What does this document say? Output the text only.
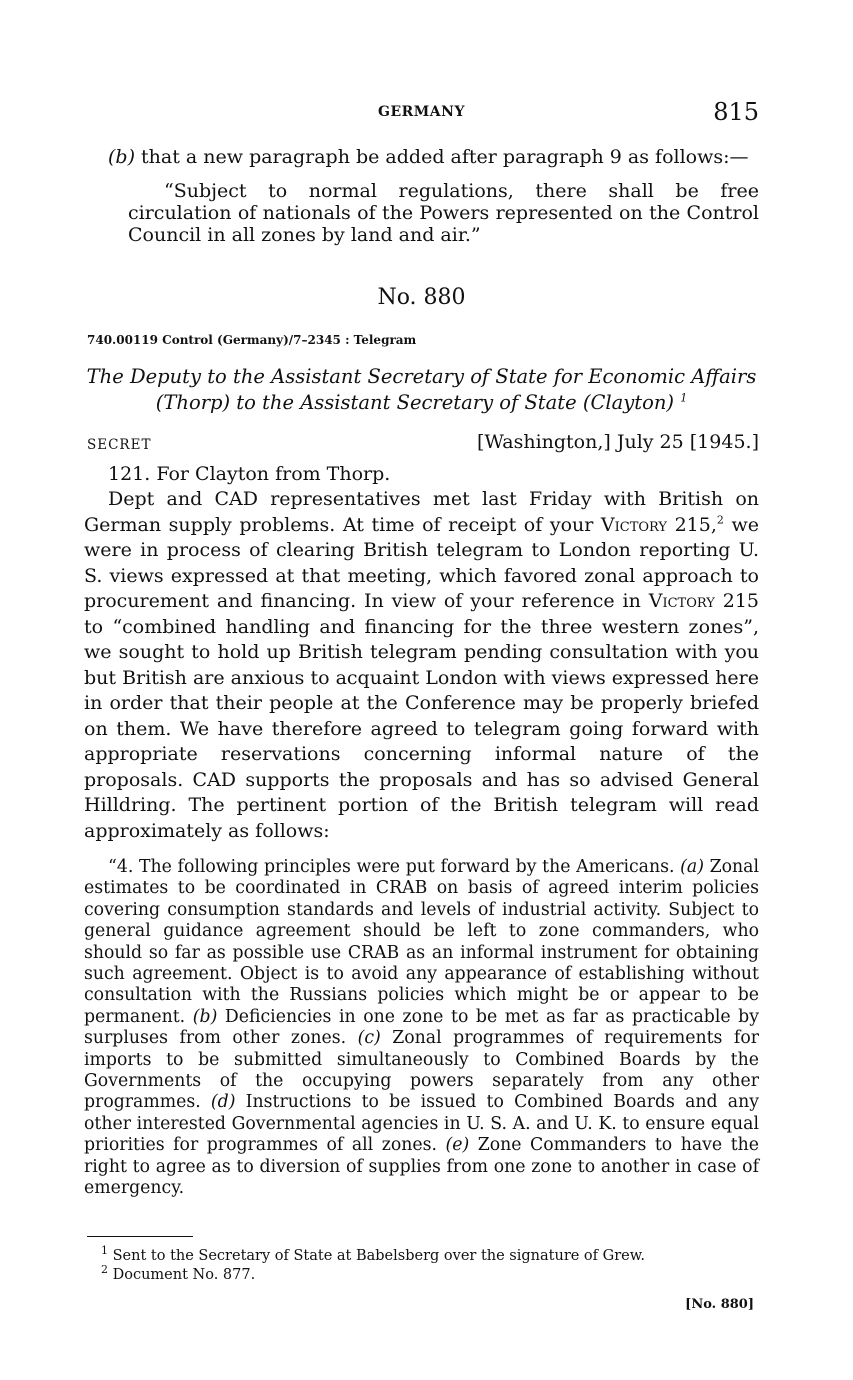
GERMANY	815

(b) that a new paragraph be added after paragraph 9 as follows:—

“Subject to normal regulations, there shall be free circulation of nationals of the Powers represented on the Control Council in all zones by land and air.”

No. 880
740.00119 Control (Germany)/7–2345 : Telegram
The Deputy to the Assistant Secretary of State for Economic Affairs
(Thorp) to the Assistant Secretary of State (Clayton) $^1$
SECRET	[Washington,] July 25 [1945.]

121. For Clayton from Thorp.

Dept and CAD representatives met last Friday with British on German supply problems. At time of receipt of your Victory 215,$^2$ we were in process of clearing British telegram to London reporting U. S. views expressed at that meeting, which favored zonal approach to procurement and financing. In view of your reference in Victory 215 to “combined handling and financing for the three western zones”, we sought to hold up British telegram pending consultation with you but British are anxious to acquaint London with views expressed here in order that their people at the Conference may be properly briefed on them. We have therefore agreed to telegram going forward with appropriate reservations concerning informal nature of the proposals. CAD supports the proposals and has so advised General Hilldring. The pertinent portion of the British telegram will read approximately as follows:

“4. The following principles were put forward by the Americans. (a) Zonal estimates to be coordinated in CRAB on basis of agreed interim policies covering consumption standards and levels of industrial activity. Subject to general guidance agreement should be left to zone commanders, who should so far as possible use CRAB as an informal instrument for obtaining such agreement. Object is to avoid any appearance of establishing without consultation with the Russians policies which might be or appear to be permanent. (b) Deficiencies in one zone to be met as far as practicable by surpluses from other zones. (c) Zonal programmes of requirements for imports to be submitted simultaneously to Combined Boards by the Governments of the occupying powers separately from any other programmes. (d) Instructions to be issued to Combined Boards and any other interested Governmental agencies in U. S. A. and U. K. to ensure equal priorities for programmes of all zones. (e) Zone Commanders to have the right to agree as to diversion of supplies from one zone to another in case of emergency.

$^1$ Sent to the Secretary of State at Babelsberg over the signature of Grew.
$^2$ Document No. 877.
[No. 880]
